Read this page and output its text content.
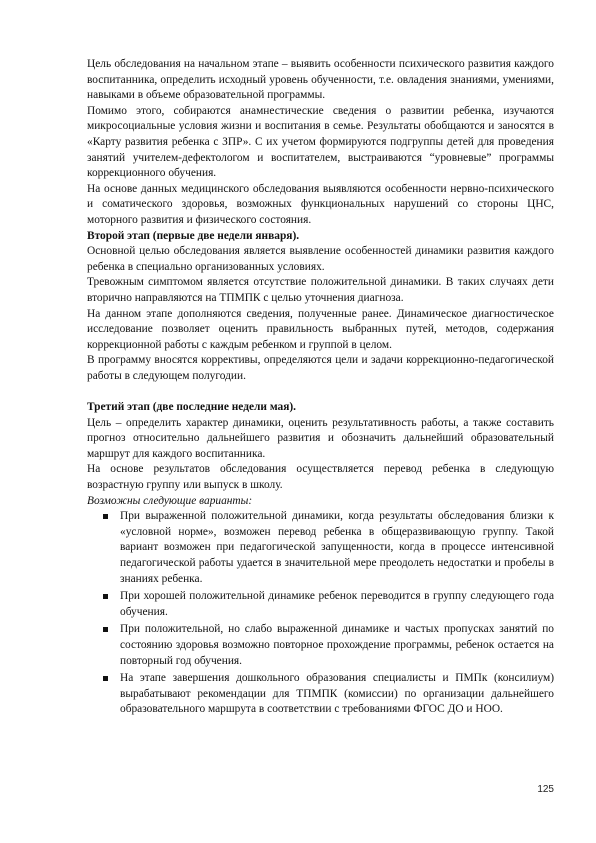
Цель обследования на начальном этапе – выявить особенности психического развития каждого воспитанника, определить исходный уровень обученности, т.е. овладения знаниями, умениями, навыками в объеме образовательной программы.

Помимо этого, собираются анамнестические сведения о развитии ребенка, изучаются микросоциальные условия жизни и воспитания в семье. Результаты обобщаются и заносятся в «Карту развития ребенка с ЗПР». С их учетом формируются подгруппы детей для проведения занятий учителем-дефектологом и воспитателем, выстраиваются “уровневые” программы коррекционного обучения.

На основе данных медицинского обследования выявляются особенности нервно-психического и соматического здоровья, возможных функциональных нарушений со стороны ЦНС, моторного развития и физического состояния.

Второй этап (первые две недели января).

Основной целью обследования является выявление особенностей динамики развития каждого ребенка в специально организованных условиях.

Тревожным симптомом является отсутствие положительной динамики. В таких случаях дети вторично направляются на ТПМПК с целью уточнения диагноза.

На данном этапе дополняются сведения, полученные ранее. Динамическое диагностическое исследование позволяет оценить правильность выбранных путей, методов, содержания коррекционной работы с каждым ребенком и группой в целом.

В программу вносятся коррективы, определяются цели и задачи коррекционно-педагогической работы в следующем полугодии.

Третий этап (две последние недели мая).

Цель – определить характер динамики, оценить результативность работы, а также составить прогноз относительно дальнейшего развития и обозначить дальнейший образовательный маршрут для каждого воспитанника.

На основе результатов обследования осуществляется перевод ребенка в следующую возрастную группу или выпуск в школу.

Возможны следующие варианты:
При выраженной положительной динамики, когда результаты обследования близки к «условной норме», возможен перевод ребенка в общеразвивающую группу. Такой вариант возможен при педагогической запущенности, когда в процессе интенсивной педагогической работы удается в значительной мере преодолеть недостатки и пробелы в знаниях ребенка.
При хорошей положительной динамике ребенок переводится в группу следующего года обучения.
При положительной, но слабо выраженной динамике и частых пропусках занятий по состоянию здоровья возможно повторное прохождение программы, ребенок остается на повторный год обучения.
На этапе завершения дошкольного образования специалисты и ПМПк (консилиум) вырабатывают рекомендации для ТПМПК (комиссии) по организации дальнейшего образовательного маршрута в соответствии с требованиями ФГОС ДО и НОО.
125
